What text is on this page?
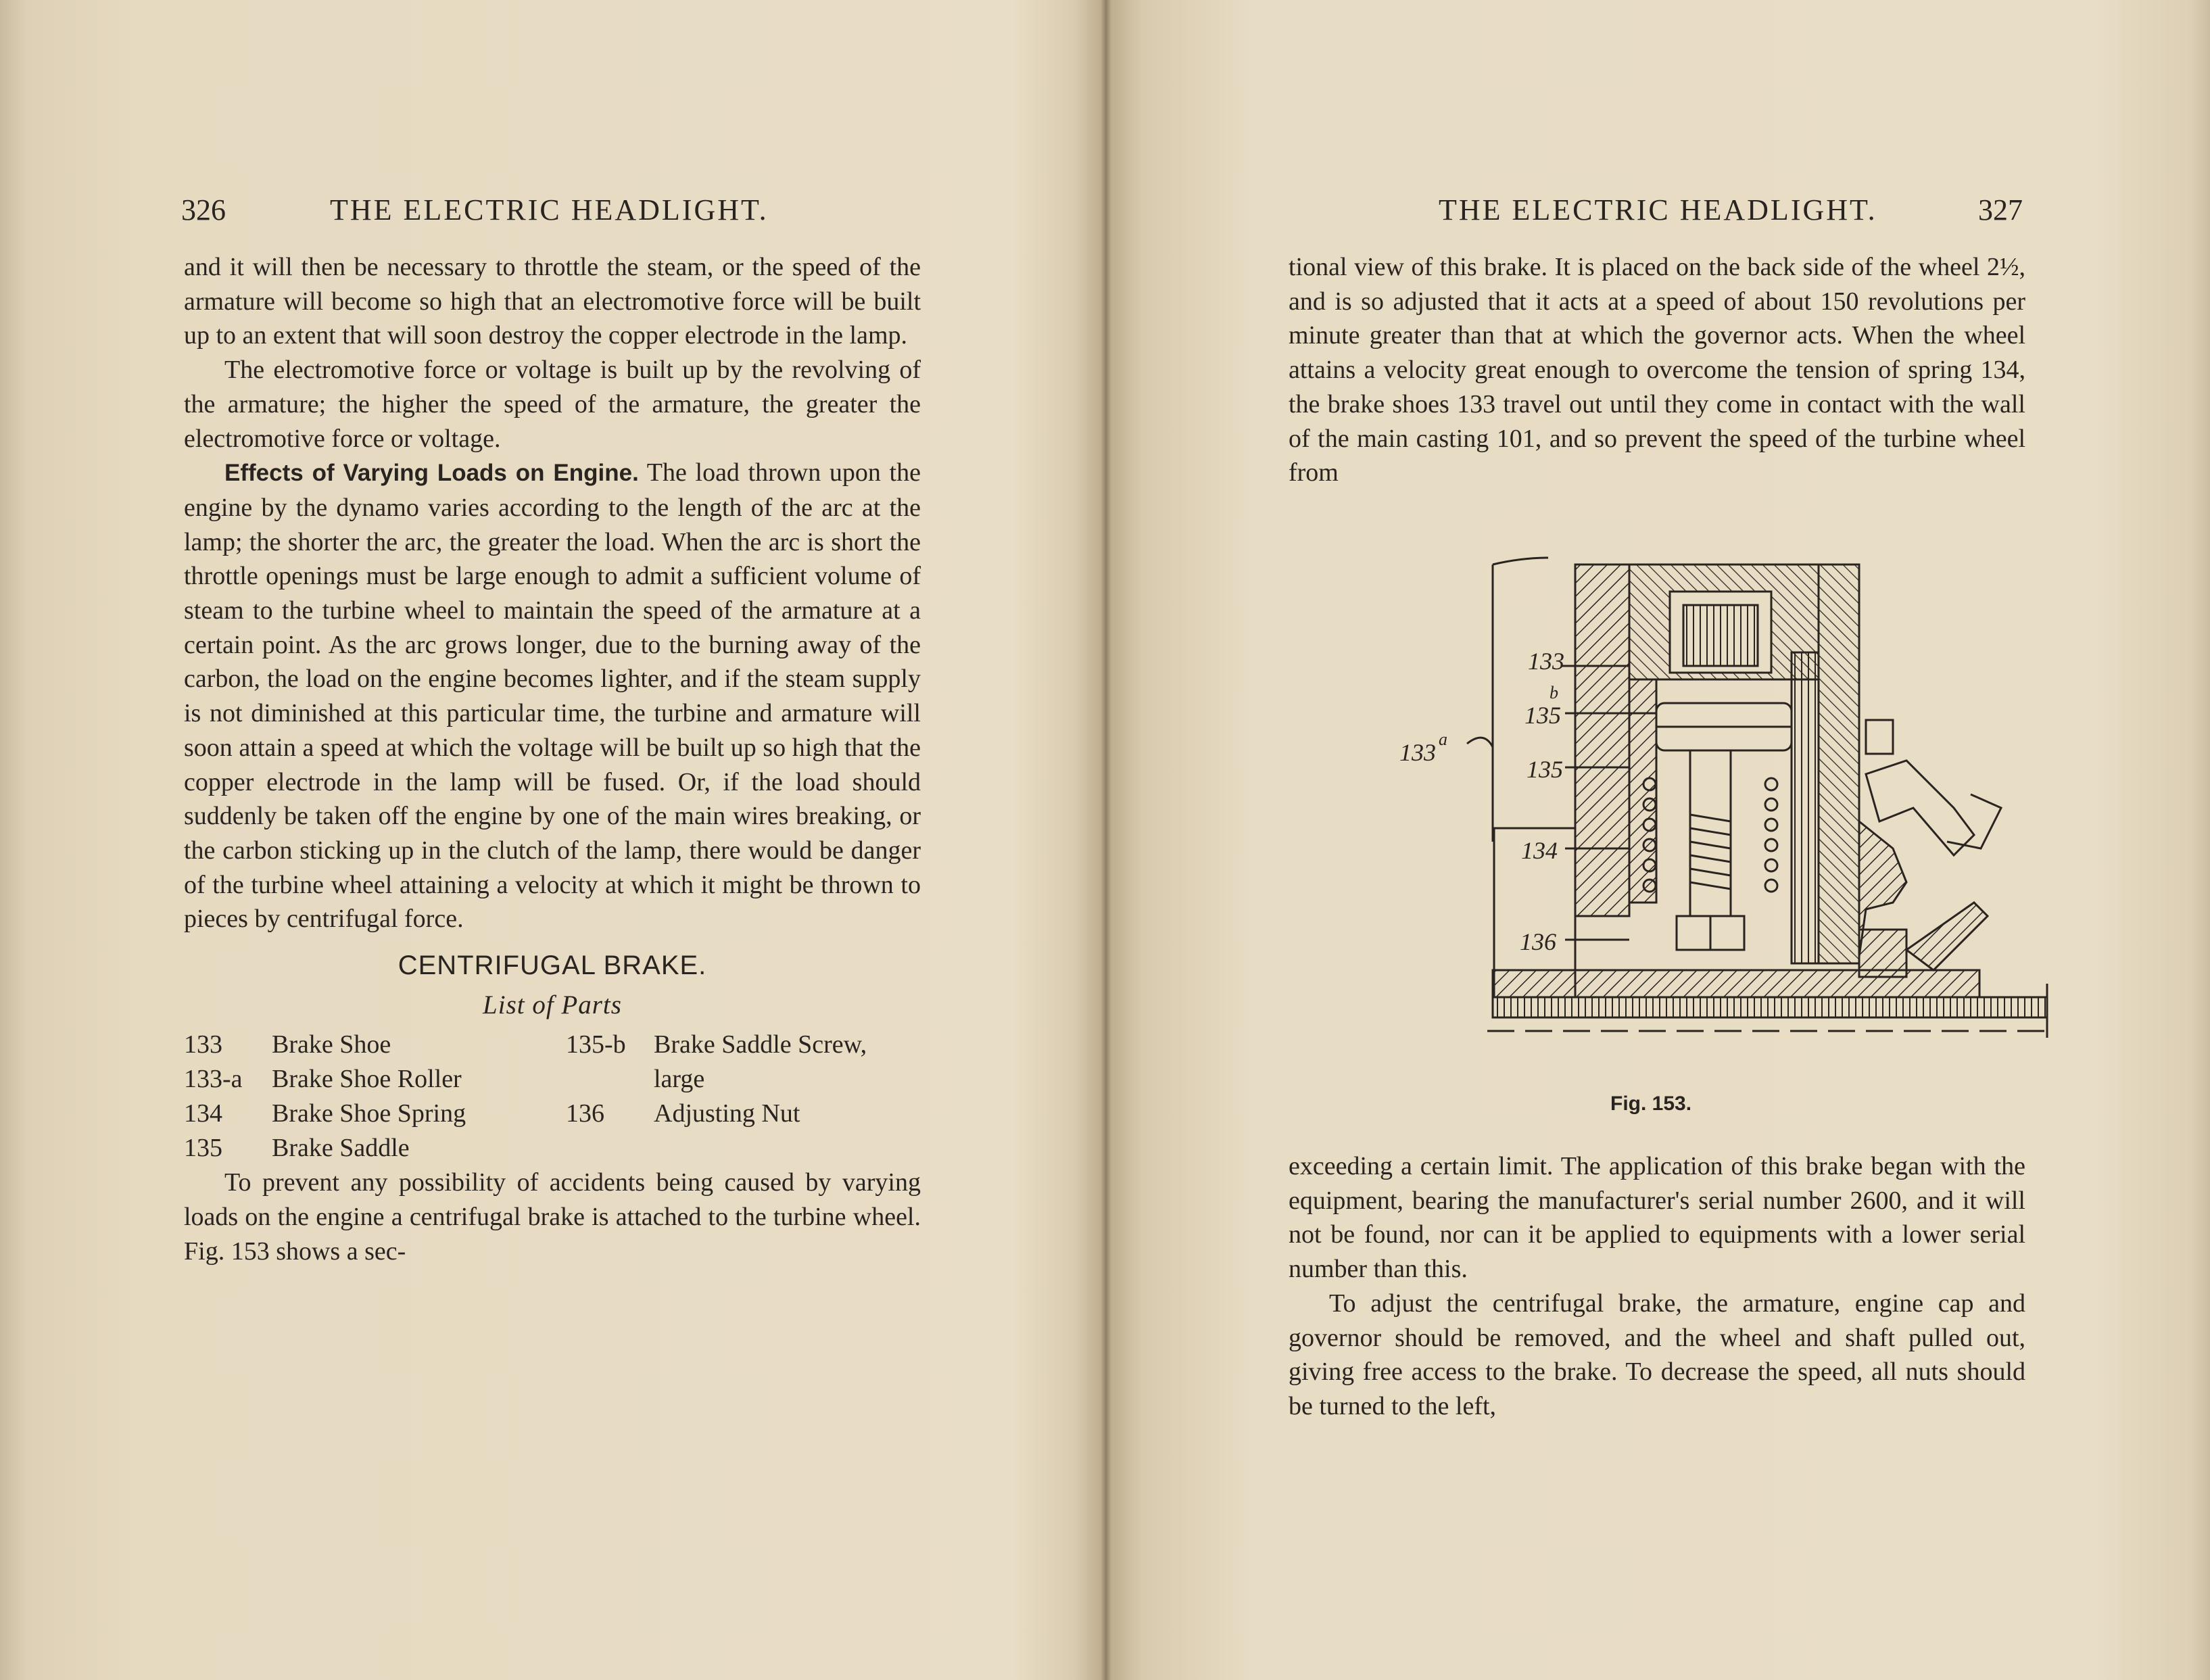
326	THE ELECTRIC HEADLIGHT.

and it will then be necessary to throttle the steam, or the speed of the armature will become so high that an electromotive force will be built up to an extent that will soon destroy the copper electrode in the lamp.

The electromotive force or voltage is built up by the revolving of the armature; the higher the speed of the armature, the greater the electromotive force or voltage.

Effects of Varying Loads on Engine. The load thrown upon the engine by the dynamo varies according to the length of the arc at the lamp; the shorter the arc, the greater the load. When the arc is short the throttle openings must be large enough to admit a sufficient volume of steam to the turbine wheel to maintain the speed of the armature at a certain point. As the arc grows longer, due to the burning away of the carbon, the load on the engine becomes lighter, and if the steam supply is not diminished at this particular time, the turbine and armature will soon attain a speed at which the voltage will be built up so high that the copper electrode in the lamp will be fused. Or, if the load should suddenly be taken off the engine by one of the main wires breaking, or the carbon sticking up in the clutch of the lamp, there would be danger of the turbine wheel attaining a velocity at which it might be thrown to pieces by centrifugal force.

CENTRIFUGAL BRAKE.
List of Parts
133 Brake Shoe
133-a Brake Shoe Roller
134 Brake Shoe Spring
135 Brake Saddle
135-b Brake Saddle Screw,
large
136 Adjusting Nut

To prevent any possibility of accidents being caused by varying loads on the engine a centrifugal brake is attached to the turbine wheel. Fig. 153 shows a sec-

THE ELECTRIC HEADLIGHT.	327

tional view of this brake. It is placed on the back side of the wheel 2½, and is so adjusted that it acts at a speed of about 150 revolutions per minute greater than that at which the governor acts. When the wheel attains a velocity great enough to overcome the tension of spring 134, the brake shoes 133 travel out until they come in contact with the wall of the main casting 101, and so prevent the speed of the turbine wheel from

133
135
b
133 a
135
134
136
Fig. 153.

exceeding a certain limit. The application of this brake began with the equipment, bearing the manufacturer's serial number 2600, and it will not be found, nor can it be applied to equipments with a lower serial number than this.

To adjust the centrifugal brake, the armature, engine cap and governor should be removed, and the wheel and shaft pulled out, giving free access to the brake. To decrease the speed, all nuts should be turned to the left,
